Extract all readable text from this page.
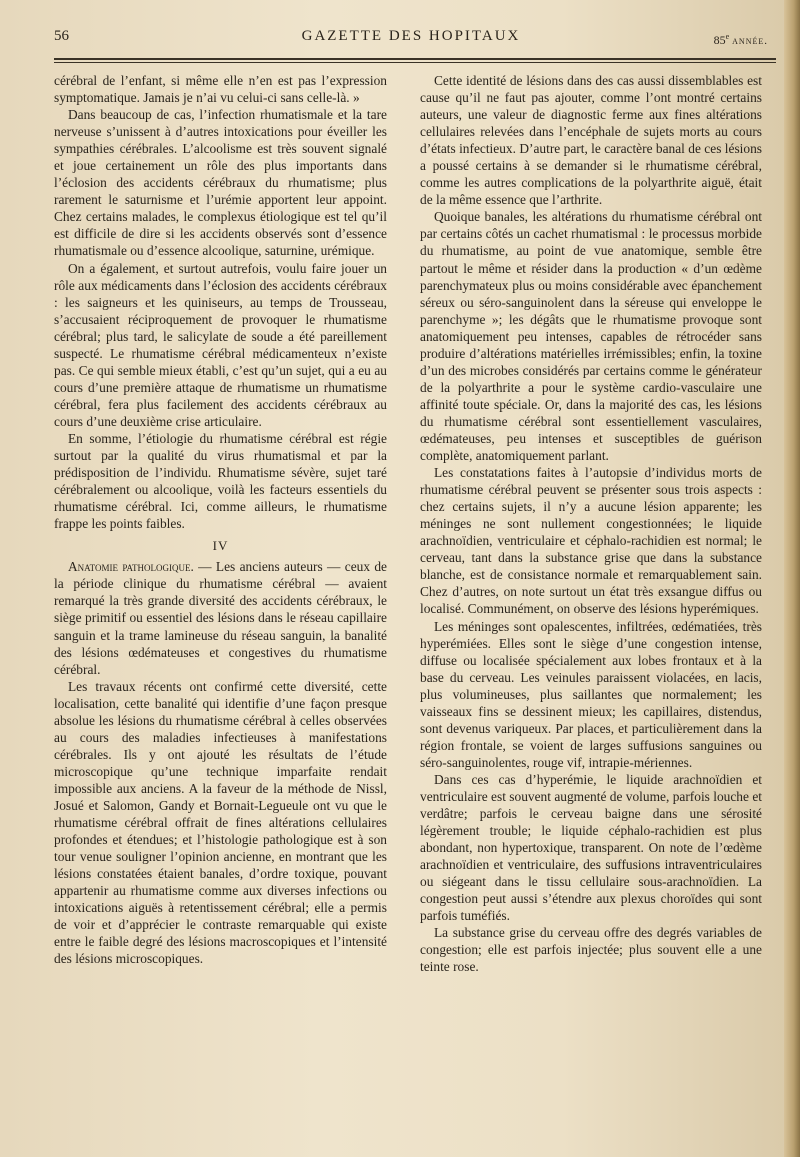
GAZETTE DES HOPITAUX
56	85e année.

cérébral de l’enfant, si même elle n’en est pas l’expression symptomatique. Jamais je n’ai vu celui-ci sans celle-là. »

Dans beaucoup de cas, l’infection rhumatismale et la tare nerveuse s’unissent à d’autres intoxications pour éveiller les sympathies cérébrales. L’alcoolisme est très souvent signalé et joue certainement un rôle des plus importants dans l’éclosion des accidents cérébraux du rhumatisme; plus rarement le saturnisme et l’urémie apportent leur appoint. Chez certains malades, le complexus étiologique est tel qu’il est difficile de dire si les accidents observés sont d’essence rhumatismale ou d’essence alcoolique, saturnine, urémique.

On a également, et surtout autrefois, voulu faire jouer un rôle aux médicaments dans l’éclosion des accidents cérébraux : les saigneurs et les quiniseurs, au temps de Trousseau, s’accusaient réciproquement de provoquer le rhumatisme cérébral; plus tard, le salicylate de soude a été pareillement suspecté. Le rhumatisme cérébral médicamenteux n’existe pas. Ce qui semble mieux établi, c’est qu’un sujet, qui a eu au cours d’une première attaque de rhumatisme un rhumatisme cérébral, fera plus facilement des accidents cérébraux au cours d’une deuxième crise articulaire.

En somme, l’étiologie du rhumatisme cérébral est régie surtout par la qualité du virus rhumatismal et par la prédisposition de l’individu. Rhumatisme sévère, sujet taré cérébralement ou alcoolique, voilà les facteurs essentiels du rhumatisme cérébral. Ici, comme ailleurs, le rhumatisme frappe les points faibles.

IV

Anatomie pathologique. — Les anciens auteurs — ceux de la période clinique du rhumatisme cérébral — avaient remarqué la très grande diversité des accidents cérébraux, le siège primitif ou essentiel des lésions dans le réseau capillaire sanguin et la trame lamineuse du réseau sanguin, la banalité des lésions œdémateuses et congestives du rhumatisme cérébral.

Les travaux récents ont confirmé cette diversité, cette localisation, cette banalité qui identifie d’une façon presque absolue les lésions du rhumatisme cérébral à celles observées au cours des maladies infectieuses à manifestations cérébrales. Ils y ont ajouté les résultats de l’étude microscopique qu’une technique imparfaite rendait impossible aux anciens. A la faveur de la méthode de Nissl, Josué et Salomon, Gandy et Bornait-Legueule ont vu que le rhumatisme cérébral offrait de fines altérations cellulaires profondes et étendues; et l’histologie pathologique est à son tour venue souligner l’opinion ancienne, en montrant que les lésions constatées étaient banales, d’ordre toxique, pouvant appartenir au rhumatisme comme aux diverses infections ou intoxications aiguës à retentissement cérébral; elle a permis de voir et d’apprécier le contraste remarquable qui existe entre le faible degré des lésions macroscopiques et l’intensité des lésions microscopiques.

Cette identité de lésions dans des cas aussi dissemblables est cause qu’il ne faut pas ajouter, comme l’ont montré certains auteurs, une valeur de diagnostic ferme aux fines altérations cellulaires relevées dans l’encéphale de sujets morts au cours d’états infectieux. D’autre part, le caractère banal de ces lésions a poussé certains à se demander si le rhumatisme cérébral, comme les autres complications de la polyarthrite aiguë, était de la même essence que l’arthrite.

Quoique banales, les altérations du rhumatisme cérébral ont par certains côtés un cachet rhumatismal : le processus morbide du rhumatisme, au point de vue anatomique, semble être partout le même et résider dans la production « d’un œdème parenchymateux plus ou moins considérable avec épanchement séreux ou séro-sanguinolent dans la séreuse qui enveloppe le parenchyme »; les dégâts que le rhumatisme provoque sont anatomiquement peu intenses, capables de rétrocéder sans produire d’altérations matérielles irrémissibles; enfin, la toxine d’un des microbes considérés par certains comme le générateur de la polyarthrite a pour le système cardio-vasculaire une affinité toute spéciale. Or, dans la majorité des cas, les lésions du rhumatisme cérébral sont essentiellement vasculaires, œdémateuses, peu intenses et susceptibles de guérison complète, anatomiquement parlant.

Les constatations faites à l’autopsie d’individus morts de rhumatisme cérébral peuvent se présenter sous trois aspects : chez certains sujets, il n’y a aucune lésion apparente; les méninges ne sont nullement congestionnées; le liquide arachnoïdien, ventriculaire et céphalo-rachidien est normal; le cerveau, tant dans la substance grise que dans la substance blanche, est de consistance normale et remarquablement sain. Chez d’autres, on note surtout un état très exsangue diffus ou localisé. Communément, on observe des lésions hyperémiques.

Les méninges sont opalescentes, infiltrées, œdématiées, très hyperémiées. Elles sont le siège d’une congestion intense, diffuse ou localisée spécialement aux lobes frontaux et à la base du cerveau. Les veinules paraissent violacées, en lacis, plus volumineuses, plus saillantes que normalement; les vaisseaux fins se dessinent mieux; les capillaires, distendus, sont devenus variqueux. Par places, et particulièrement dans la région frontale, se voient de larges suffusions sanguines ou séro-sanguinolentes, rouge vif, intrapie-mériennes.

Dans ces cas d’hyperémie, le liquide arachnoïdien et ventriculaire est souvent augmenté de volume, parfois louche et verdâtre; parfois le cerveau baigne dans une sérosité légèrement trouble; le liquide céphalo-rachidien est plus abondant, non hypertoxique, transparent. On note de l’œdème arachnoïdien et ventriculaire, des suffusions intraventriculaires ou siégeant dans le tissu cellulaire sous-arachnoïdien. La congestion peut aussi s’étendre aux plexus choroïdes qui sont parfois tuméfiés.

La substance grise du cerveau offre des degrés variables de congestion; elle est parfois injectée; plus souvent elle a une teinte rose.
